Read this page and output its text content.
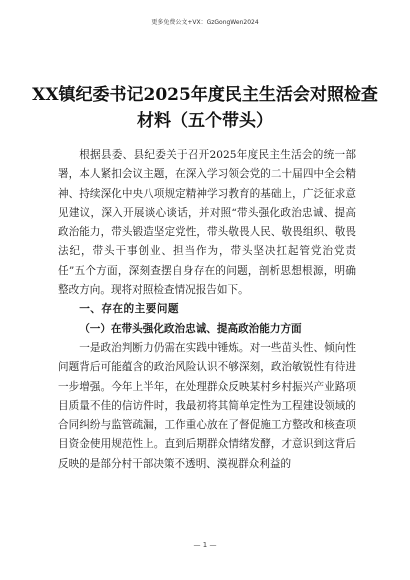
更多免费公文+VX：GzGongWen2024
XX镇纪委书记2025年度民主生活会对照检查材料（五个带头）

根据县委、县纪委关于召开2025年度民主生活会的统一部署，本人紧扣会议主题，在深入学习领会党的二十届四中全会精神、持续深化中央八项规定精神学习教育的基础上，广泛征求意见建议，深入开展谈心谈话，并对照“带头强化政治忠诚、提高政治能力，带头锻造坚定党性，带头敬畏人民、敬畏组织、敬畏法纪，带头干事创业、担当作为，带头坚决扛起管党治党责任”五个方面，深刻查摆自身存在的问题，剖析思想根源，明确整改方向。现将对照检查情况报告如下。

一、存在的主要问题

（一）在带头强化政治忠诚、提高政治能力方面

一是政治判断力仍需在实践中锤炼。对一些苗头性、倾向性问题背后可能蕴含的政治风险认识不够深刻，政治敏锐性有待进一步增强。今年上半年，在处理群众反映某村乡村振兴产业路项目质量不佳的信访件时，我最初将其简单定性为工程建设领域的合同纠纷与监管疏漏，工作重心放在了督促施工方整改和核查项目资金使用规范性上。直到后期群众情绪发酵，才意识到这背后反映的是部分村干部决策不透明、漠视群众利益的

— 1 —
